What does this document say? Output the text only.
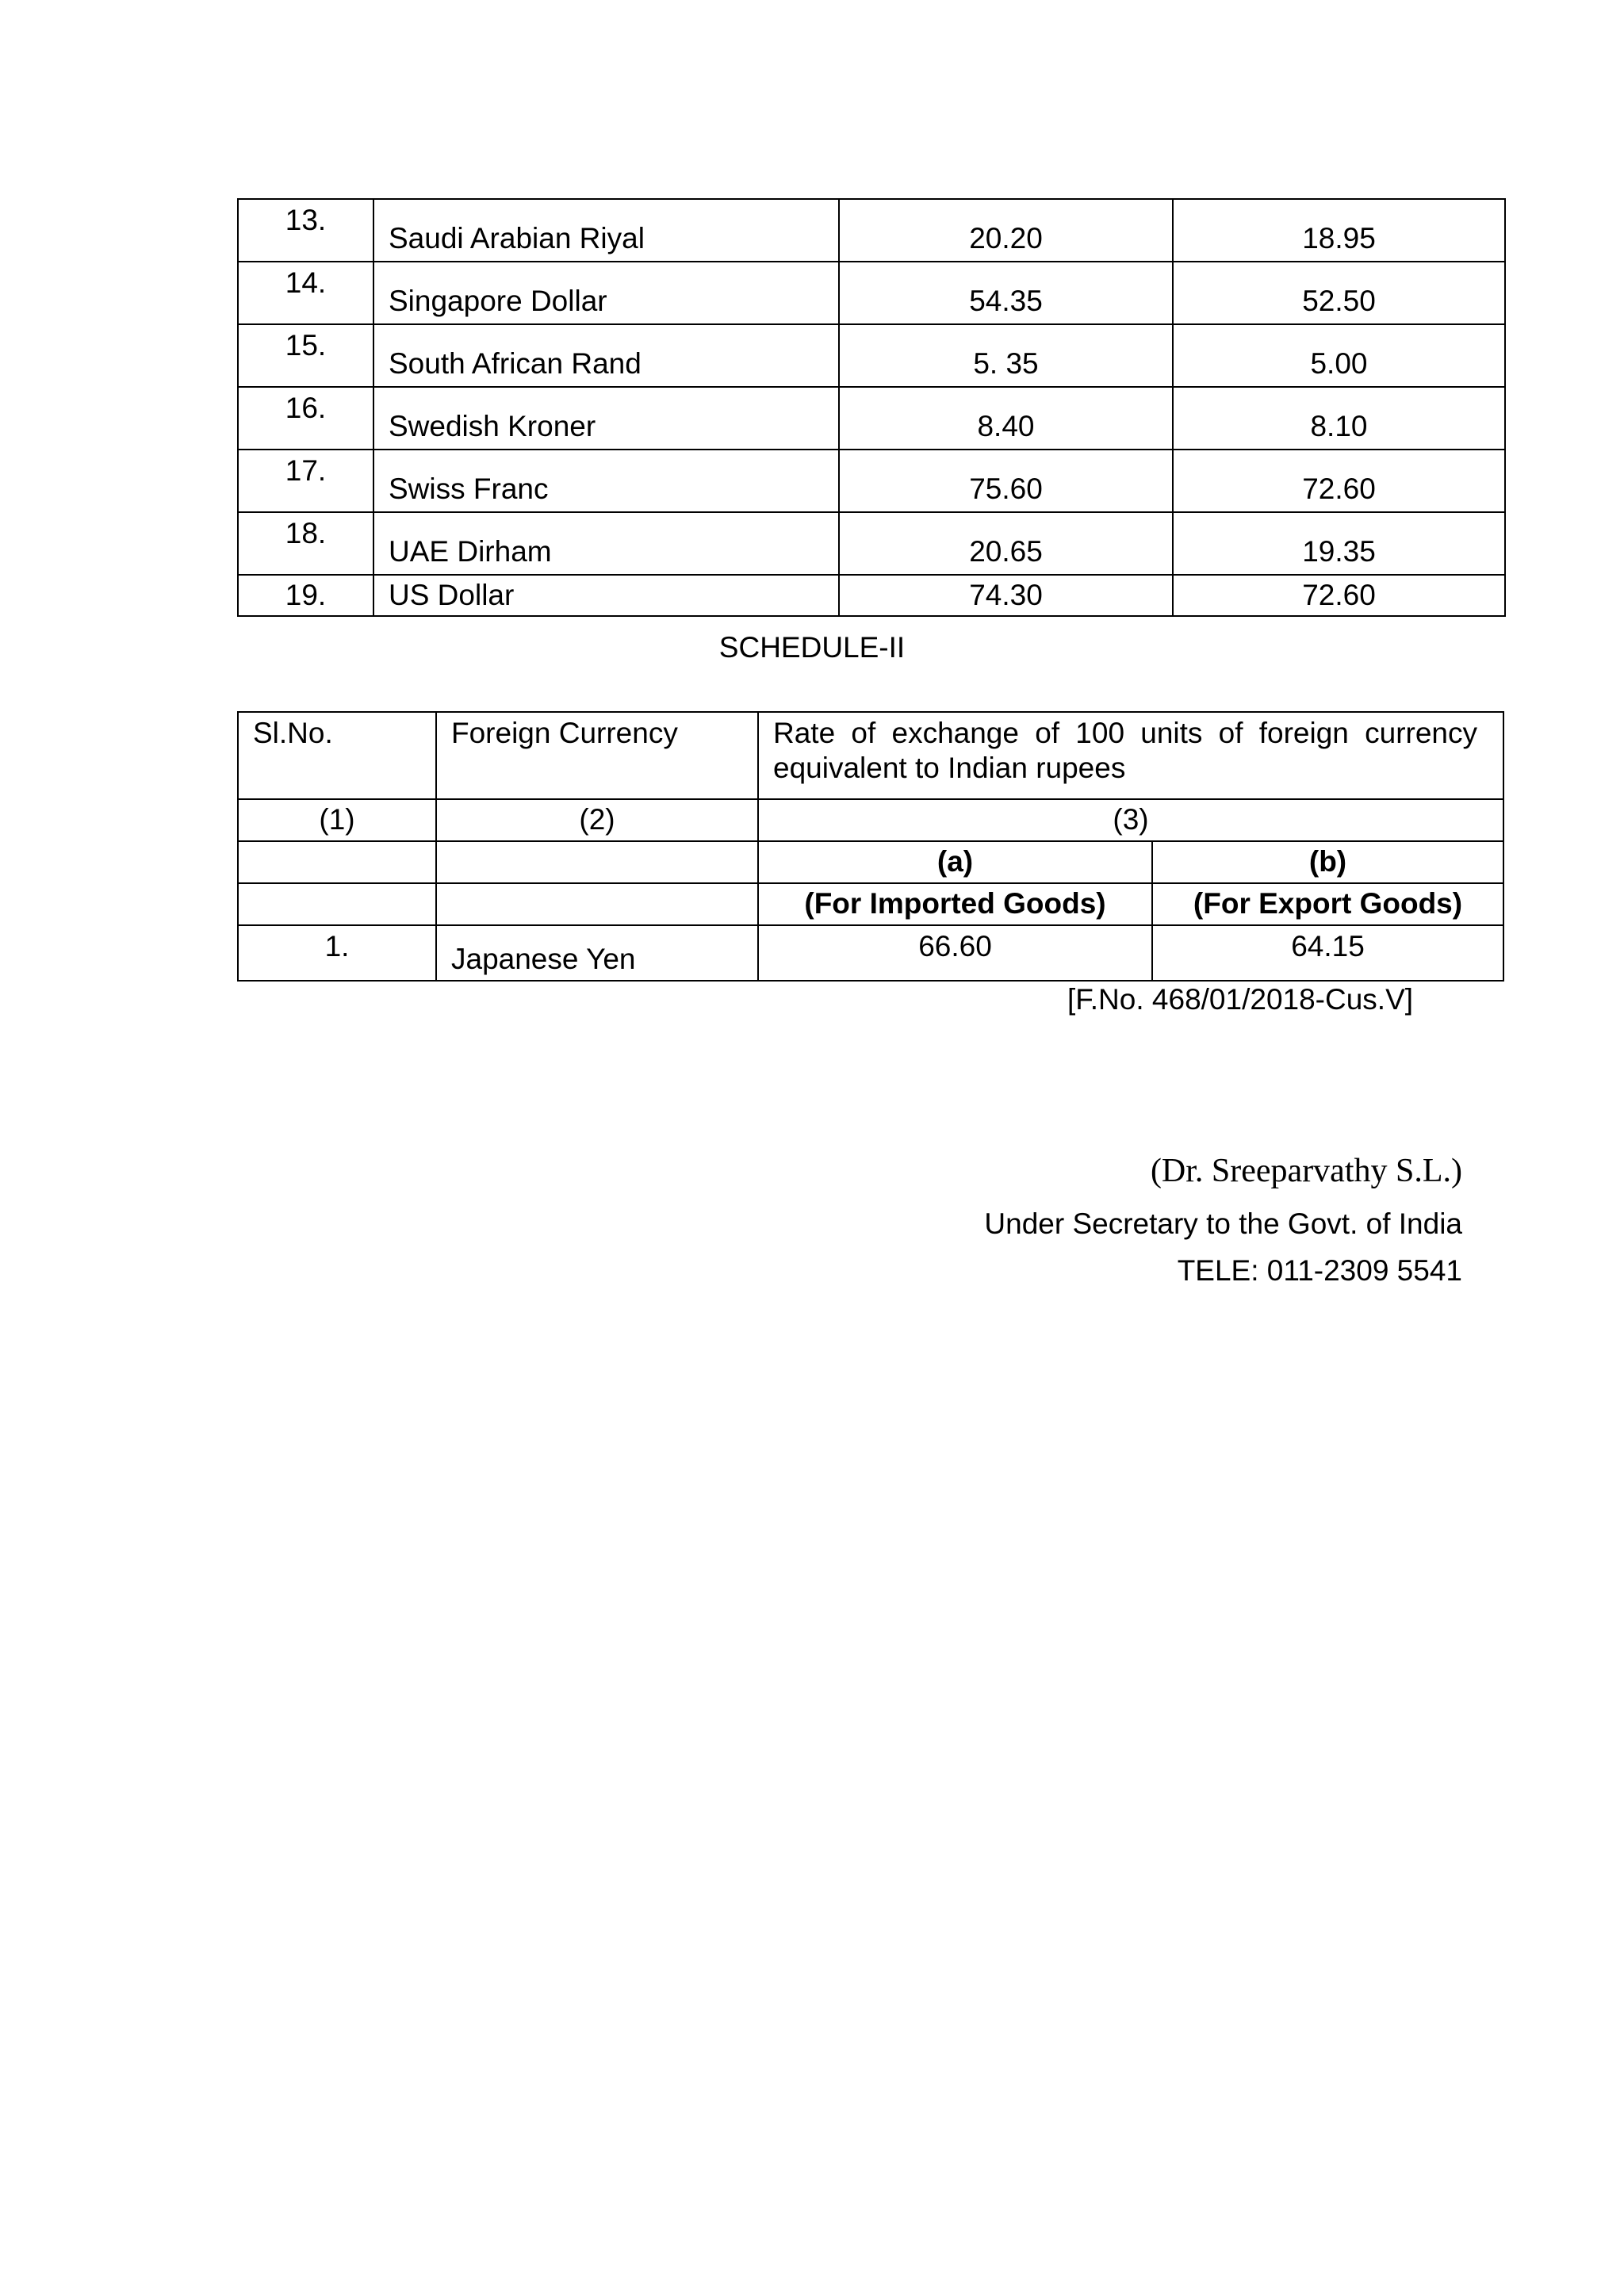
13.	Saudi Arabian Riyal	20.20	18.95
14.	Singapore Dollar	54.35	52.50
15.	South African Rand	5. 35	5.00
16.	Swedish Kroner	8.40	8.10
17.	Swiss Franc	75.60	72.60
18.	UAE Dirham	20.65	19.35
19.	US Dollar	74.30	72.60
SCHEDULE-II
Sl.No.	Foreign Currency	Rate of exchange of 100 units of foreign currency equivalent to Indian rupees	
(1)	(2)	(3)	
		(a)	(b)
		(For Imported Goods)	(For Export Goods)
1.	Japanese Yen	66.60	64.15
[F.No. 468/01/2018-Cus.V]
(Dr. Sreeparvathy S.L.)
Under Secretary to the Govt. of India
TELE: 011-2309 5541
